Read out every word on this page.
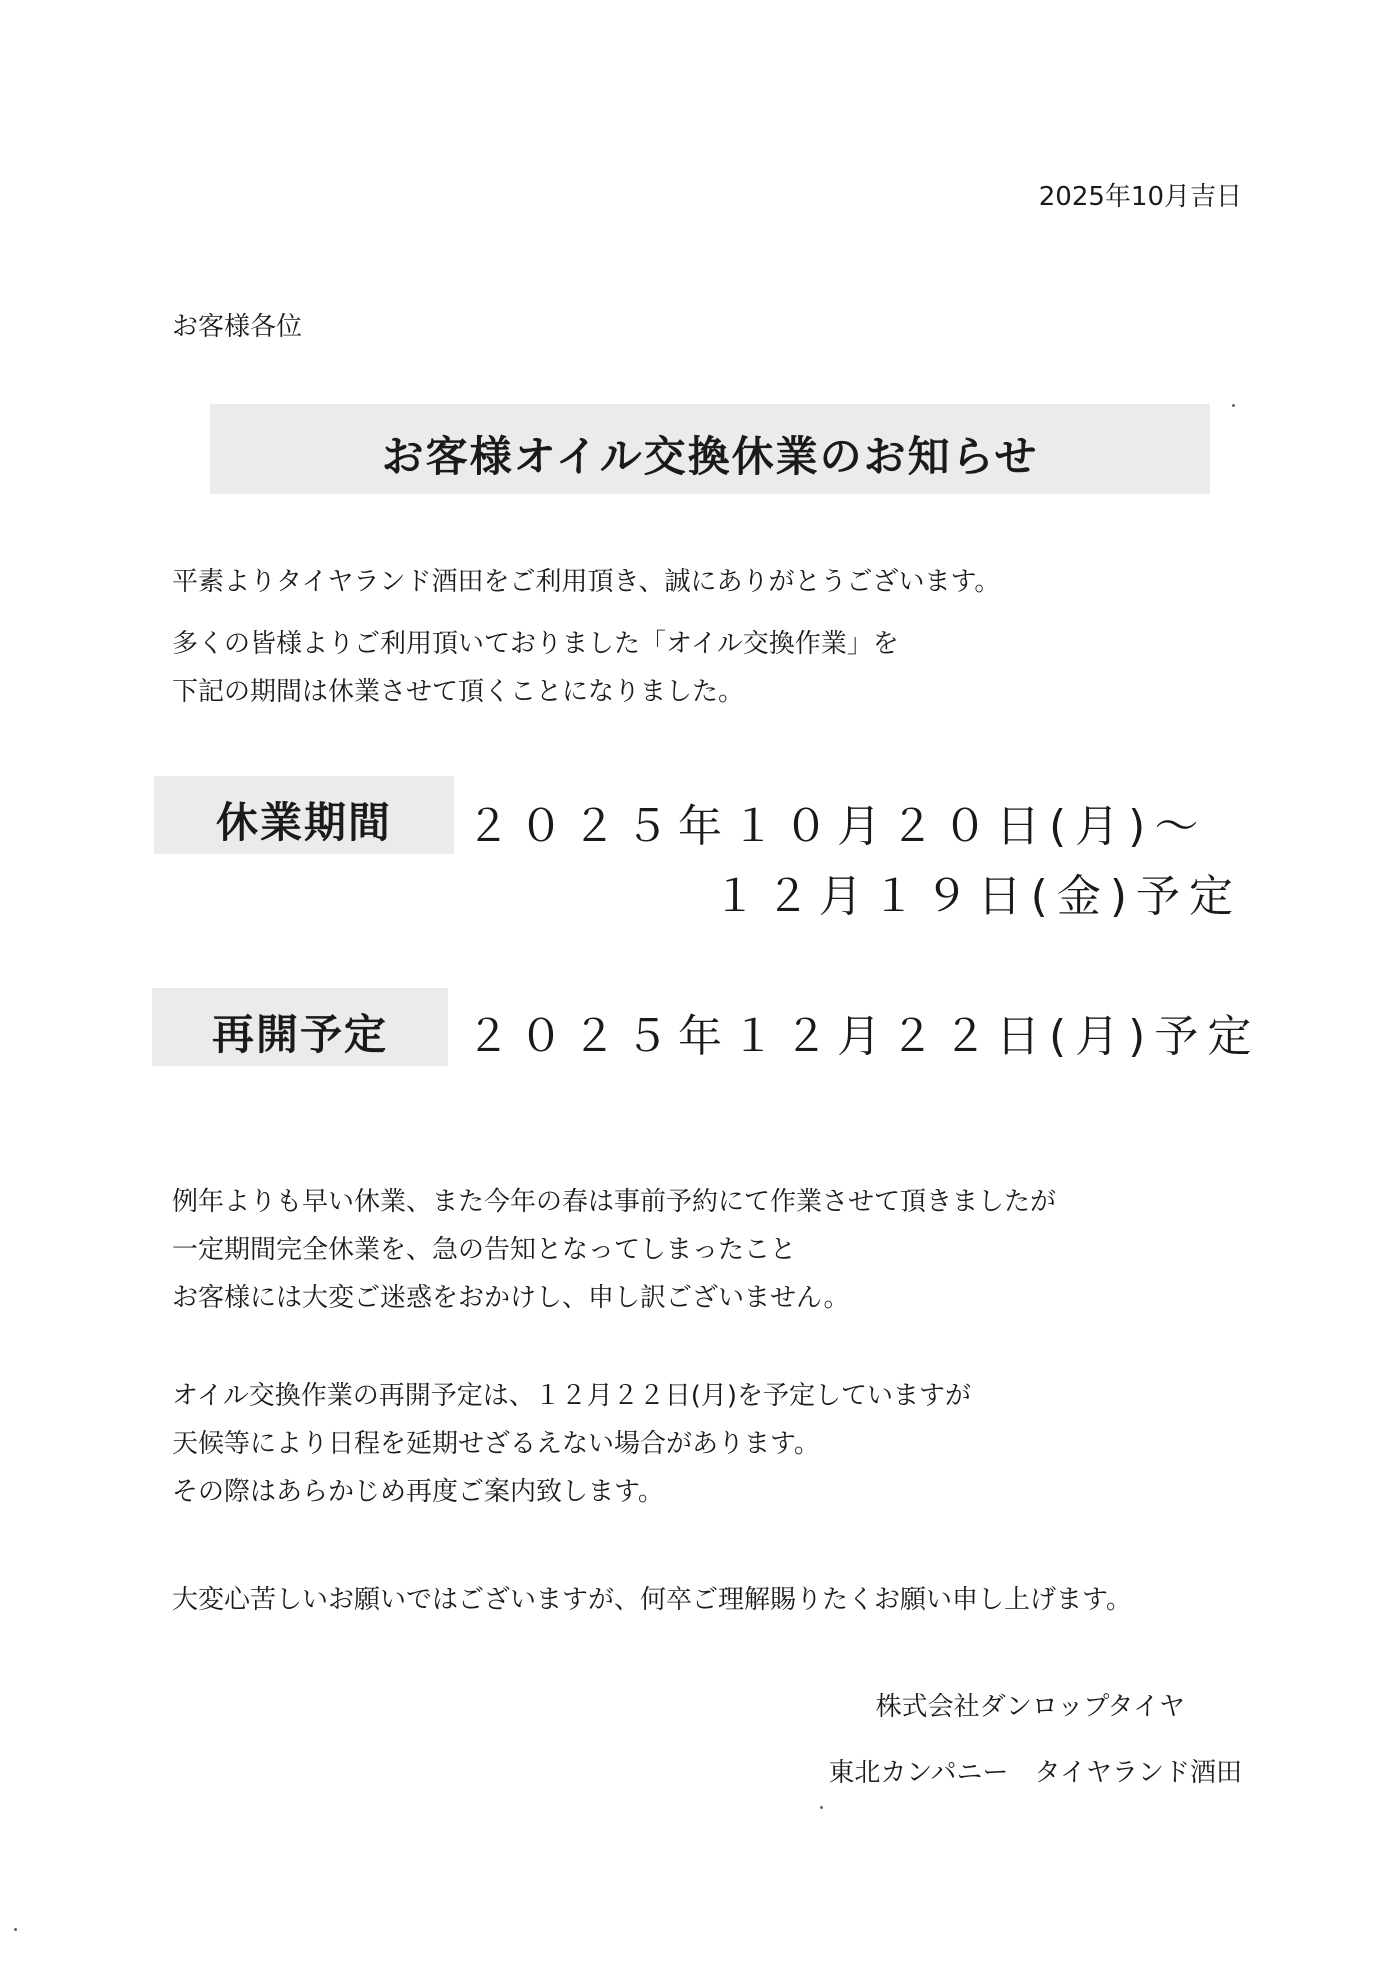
2025年10月吉日
お客様各位
お客様オイル交換休業のお知らせ
平素よりタイヤランド酒田をご利用頂き、誠にありがとうございます。
多くの皆様よりご利用頂いておりました「オイル交換作業」を
下記の期間は休業させて頂くことになりました。
休業期間	２０２５年１０月２０日(月)～
１２月１９日(金)予定
再開予定	２０２５年１２月２２日(月)予定
例年よりも早い休業、また今年の春は事前予約にて作業させて頂きましたが
一定期間完全休業を、急の告知となってしまったこと
お客様には大変ご迷惑をおかけし、申し訳ございません。
オイル交換作業の再開予定は、１２月２２日(月)を予定していますが
天候等により日程を延期せざるえない場合があります。
その際はあらかじめ再度ご案内致します。
大変心苦しいお願いではございますが、何卒ご理解賜りたくお願い申し上げます。
株式会社ダンロップタイヤ
東北カンパニー　タイヤランド酒田
